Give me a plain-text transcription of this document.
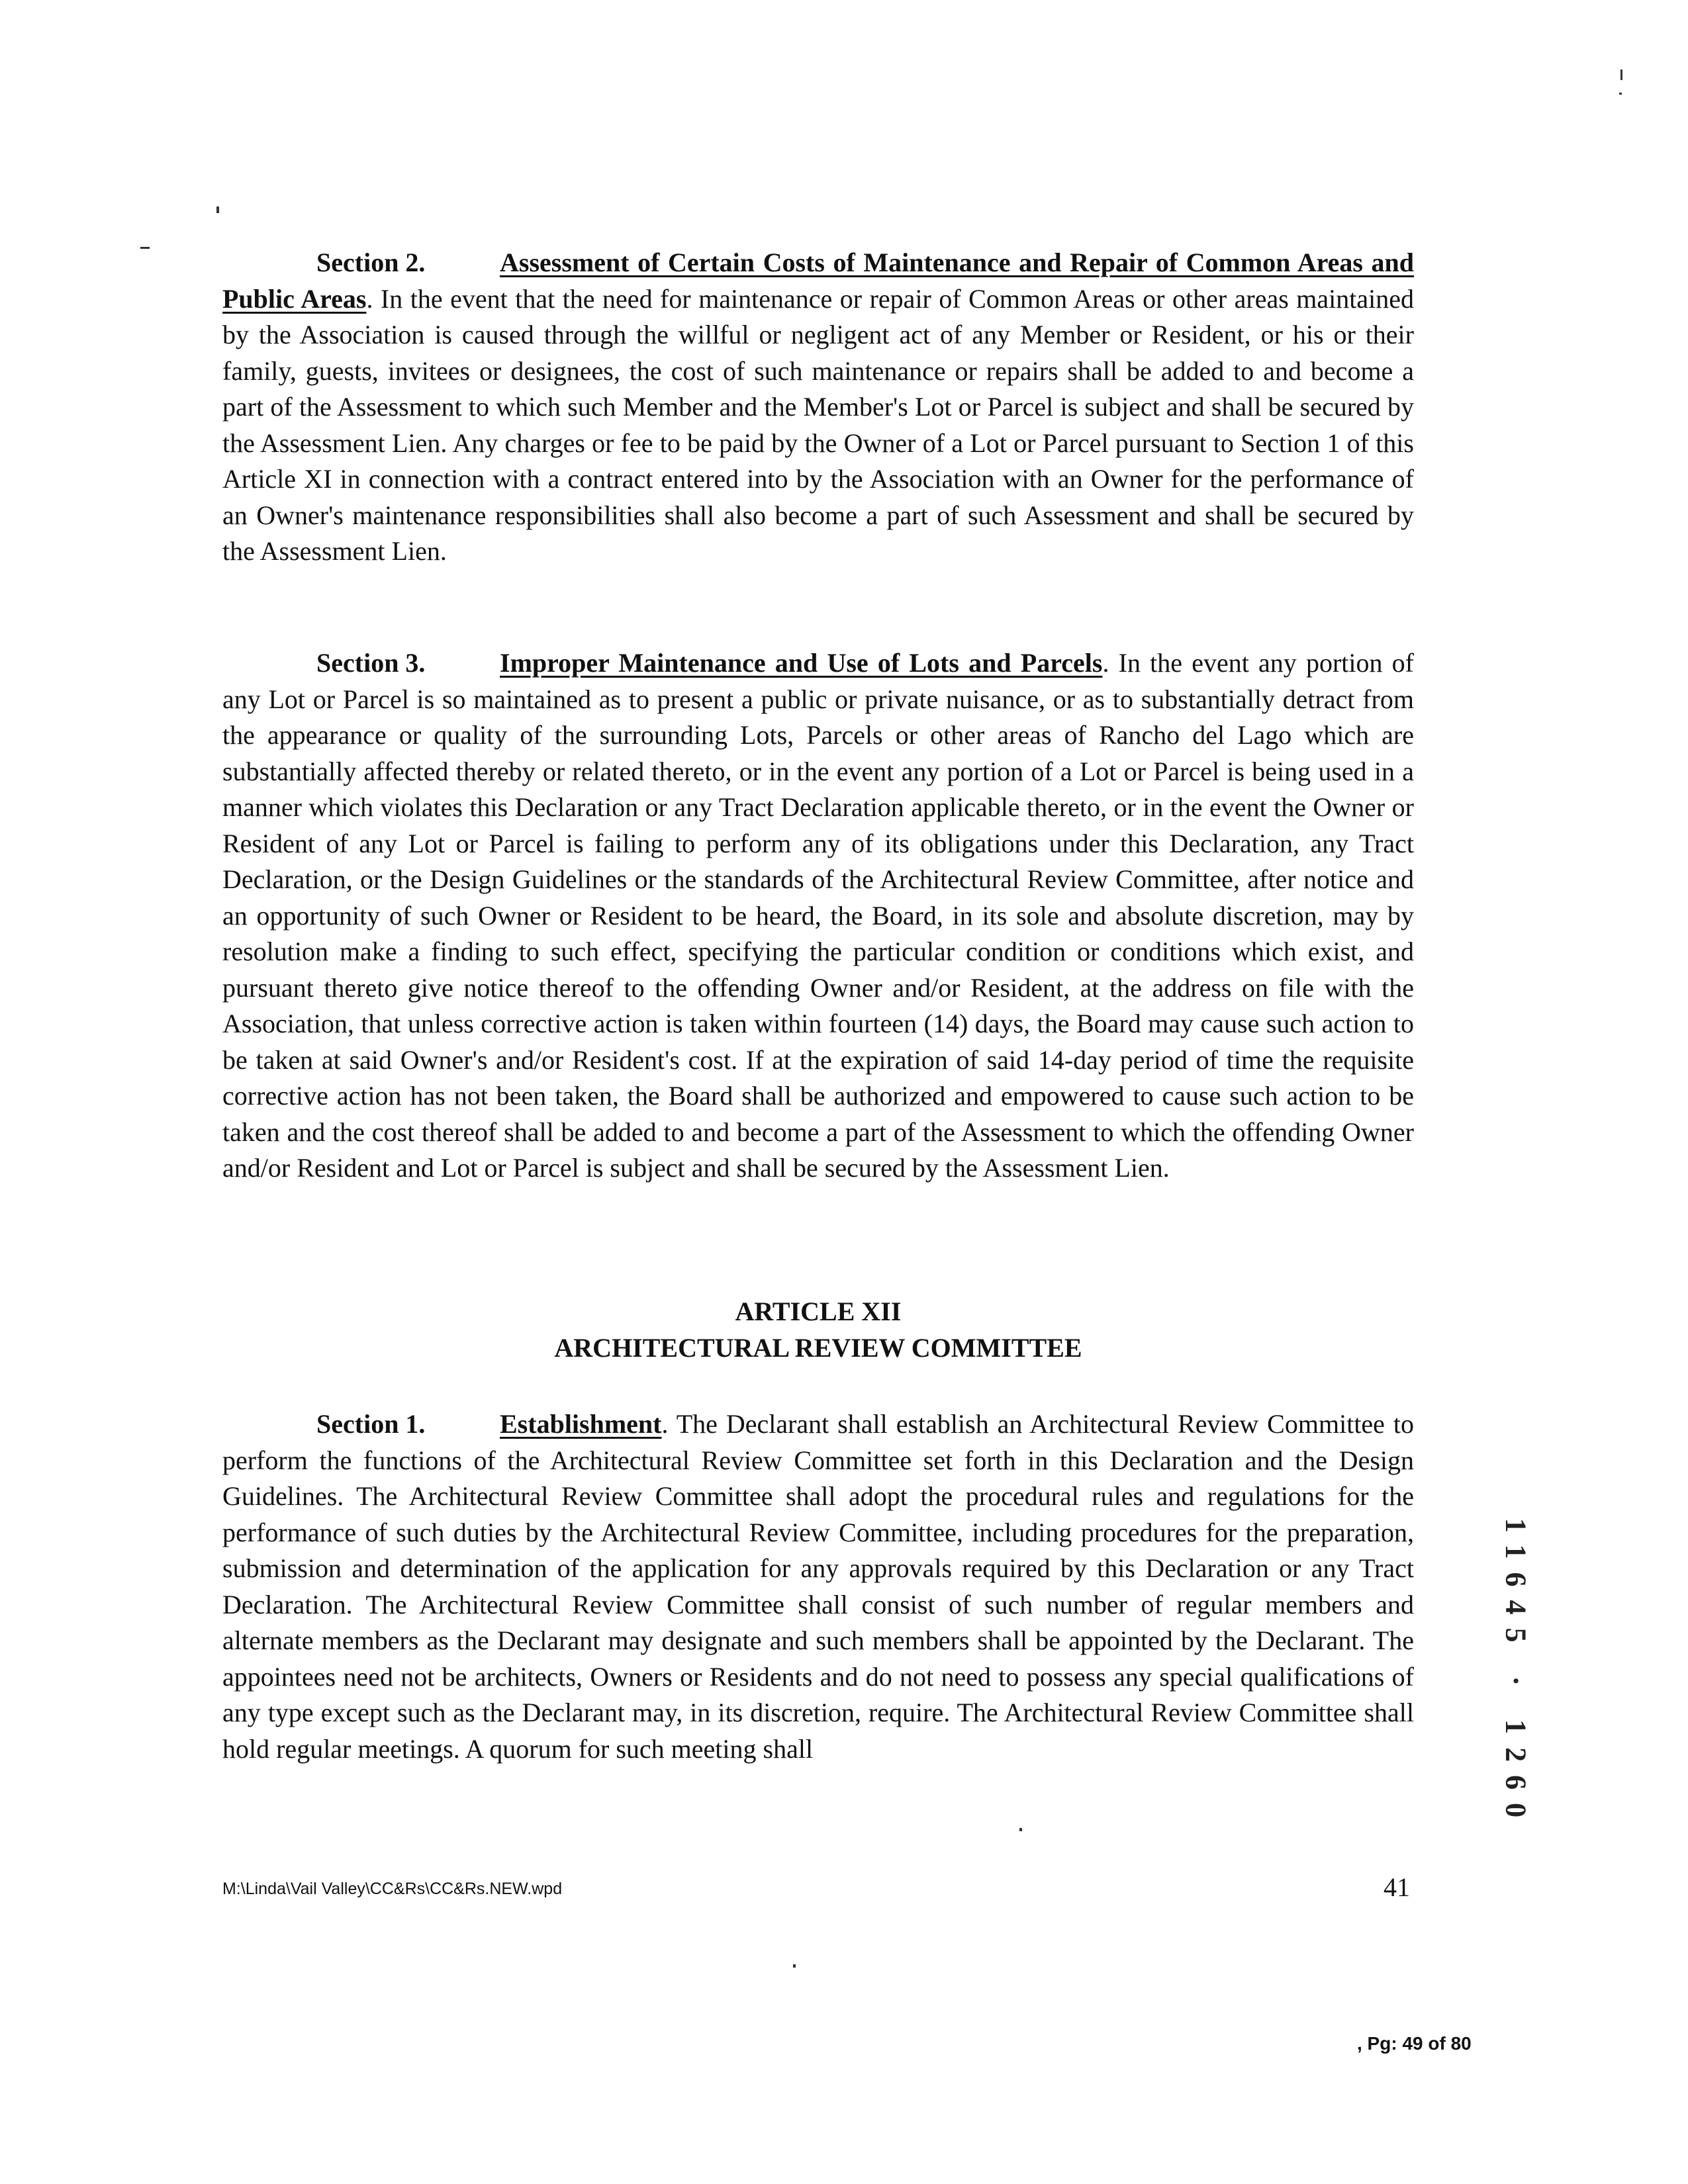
Section 2.	Assessment of Certain Costs of Maintenance and Repair of Common Areas and Public Areas. In the event that the need for maintenance or repair of Common Areas or other areas maintained by the Association is caused through the willful or negligent act of any Member or Resident, or his or their family, guests, invitees or designees, the cost of such maintenance or repairs shall be added to and become a part of the Assessment to which such Member and the Member's Lot or Parcel is subject and shall be secured by the Assessment Lien. Any charges or fee to be paid by the Owner of a Lot or Parcel pursuant to Section 1 of this Article XI in connection with a contract entered into by the Association with an Owner for the performance of an Owner's maintenance responsibilities shall also become a part of such Assessment and shall be secured by the Assessment Lien.

Section 3.	Improper Maintenance and Use of Lots and Parcels. In the event any portion of any Lot or Parcel is so maintained as to present a public or private nuisance, or as to substantially detract from the appearance or quality of the surrounding Lots, Parcels or other areas of Rancho del Lago which are substantially affected thereby or related thereto, or in the event any portion of a Lot or Parcel is being used in a manner which violates this Declaration or any Tract Declaration applicable thereto, or in the event the Owner or Resident of any Lot or Parcel is failing to perform any of its obligations under this Declaration, any Tract Declaration, or the Design Guidelines or the standards of the Architectural Review Committee, after notice and an opportunity of such Owner or Resident to be heard, the Board, in its sole and absolute discretion, may by resolution make a finding to such effect, specifying the particular condition or conditions which exist, and pursuant thereto give notice thereof to the offending Owner and/or Resident, at the address on file with the Association, that unless corrective action is taken within fourteen (14) days, the Board may cause such action to be taken at said Owner's and/or Resident's cost. If at the expiration of said 14-day period of time the requisite corrective action has not been taken, the Board shall be authorized and empowered to cause such action to be taken and the cost thereof shall be added to and become a part of the Assessment to which the offending Owner and/or Resident and Lot or Parcel is subject and shall be secured by the Assessment Lien.

ARTICLE XII
ARCHITECTURAL REVIEW COMMITTEE

Section 1.	Establishment. The Declarant shall establish an Architectural Review Committee to perform the functions of the Architectural Review Committee set forth in this Declaration and the Design Guidelines. The Architectural Review Committee shall adopt the procedural rules and regulations for the performance of such duties by the Architectural Review Committee, including procedures for the preparation, submission and determination of the application for any approvals required by this Declaration or any Tract Declaration. The Architectural Review Committee shall consist of such number of regular members and alternate members as the Declarant may designate and such members shall be appointed by the Declarant. The appointees need not be architects, Owners or Residents and do not need to possess any special qualifications of any type except such as the Declarant may, in its discretion, require. The Architectural Review Committee shall hold regular meetings. A quorum for such meeting shall	11645 · 1260
M:\Linda\Vail Valley\CC&Rs\CC&Rs.NEW.wpd	41
, Pg: 49 of 80
